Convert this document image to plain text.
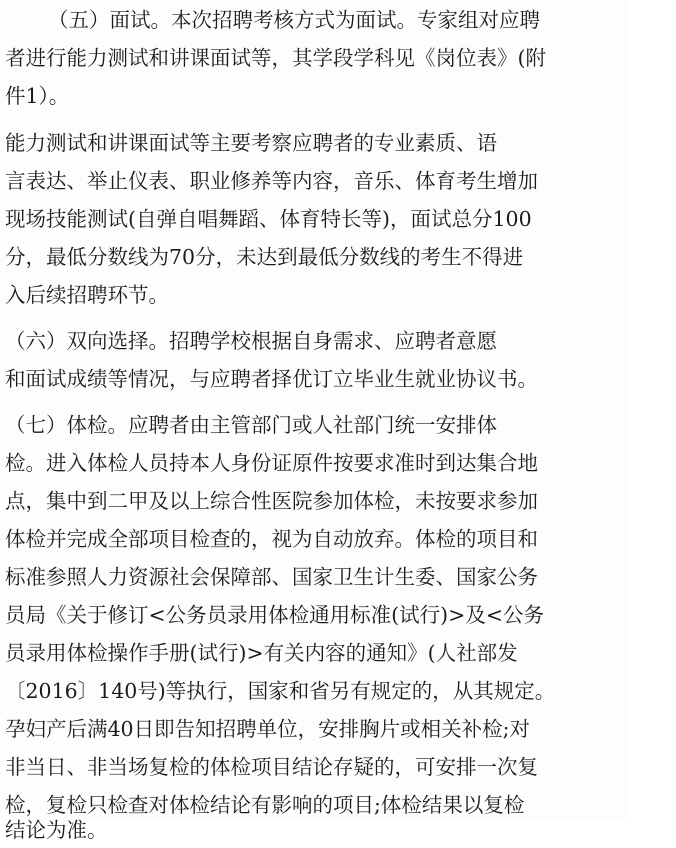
（五）面试。本次招聘考核方式为面试。专家组对应聘
者进行能力测试和讲课面试等，其学段学科见《岗位表》(附
件1）。
能力测试和讲课面试等主要考察应聘者的专业素质、语
言表达、举止仪表、职业修养等内容，音乐、体育考生增加
现场技能测试(自弹自唱舞蹈、体育特长等)，面试总分100
分，最低分数线为70分，未达到最低分数线的考生不得进
入后续招聘环节。
（六）双向选择。招聘学校根据自身需求、应聘者意愿
和面试成绩等情况，与应聘者择优订立毕业生就业协议书。
（七）体检。应聘者由主管部门或人社部门统一安排体
检。进入体检人员持本人身份证原件按要求准时到达集合地
点，集中到二甲及以上综合性医院参加体检，未按要求参加
体检并完成全部项目检查的，视为自动放弃。体检的项目和
标准参照人力资源社会保障部、国家卫生计生委、国家公务
员局《关于修订<公务员录用体检通用标准(试行)>及<公务
员录用体检操作手册(试行)>有关内容的通知》(人社部发
〔2016〕140号)等执行，国家和省另有规定的，从其规定。
孕妇产后满40日即告知招聘单位，安排胸片或相关补检;对
非当日、非当场复检的体检项目结论存疑的，可安排一次复
检，复检只检查对体检结论有影响的项目;体检结果以复检
结论为准。
